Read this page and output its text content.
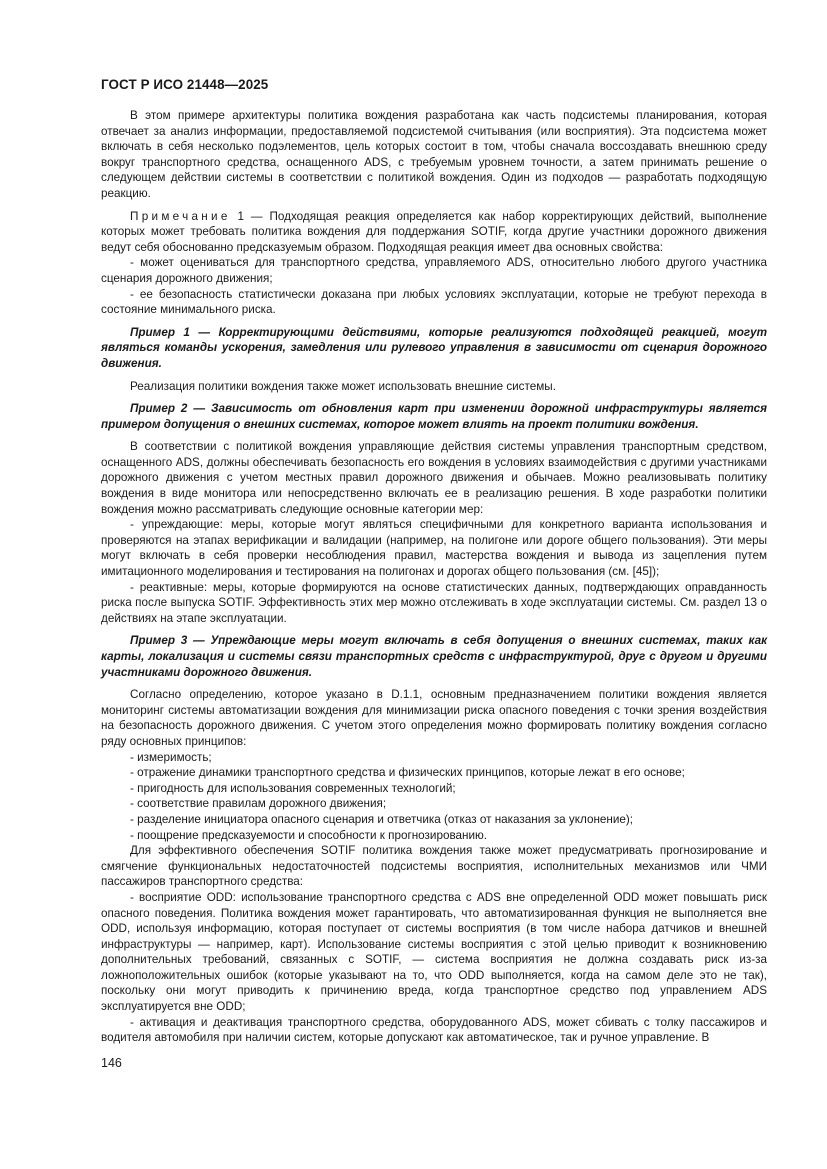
ГОСТ Р ИСО 21448—2025

В этом примере архитектуры политика вождения разработана как часть подсистемы планирования, которая отвечает за анализ информации, предоставляемой подсистемой считывания (или восприятия). Эта подсистема может включать в себя несколько подэлементов, цель которых состоит в том, чтобы сначала воссоздавать внешнюю среду вокруг транспортного средства, оснащенного ADS, с требуемым уровнем точности, а затем принимать решение о следующем действии системы в соответствии с политикой вождения. Один из подходов — разработать подходящую реакцию.

Примечание 1 — Подходящая реакция определяется как набор корректирующих действий, выполнение которых может требовать политика вождения для поддержания SOTIF, когда другие участники дорожного движения ведут себя обоснованно предсказуемым образом. Подходящая реакция имеет два основных свойства:

- может оцениваться для транспортного средства, управляемого ADS, относительно любого другого участника сценария дорожного движения;

- ее безопасность статистически доказана при любых условиях эксплуатации, которые не требуют перехода в состояние минимального риска.

Пример 1 — Корректирующими действиями, которые реализуются подходящей реакцией, могут являться команды ускорения, замедления или рулевого управления в зависимости от сценария дорожного движения.

Реализация политики вождения также может использовать внешние системы.

Пример 2 — Зависимость от обновления карт при изменении дорожной инфраструктуры является примером допущения о внешних системах, которое может влиять на проект политики вождения.

В соответствии с политикой вождения управляющие действия системы управления транспортным средством, оснащенного ADS, должны обеспечивать безопасность его вождения в условиях взаимодействия с другими участниками дорожного движения с учетом местных правил дорожного движения и обычаев. Можно реализовывать политику вождения в виде монитора или непосредственно включать ее в реализацию решения. В ходе разработки политики вождения можно рассматривать следующие основные категории мер:

- упреждающие: меры, которые могут являться специфичными для конкретного варианта использования и проверяются на этапах верификации и валидации (например, на полигоне или дороге общего пользования). Эти меры могут включать в себя проверки несоблюдения правил, мастерства вождения и вывода из зацепления путем имитационного моделирования и тестирования на полигонах и дорогах общего пользования (см. [45]);

- реактивные: меры, которые формируются на основе статистических данных, подтверждающих оправданность риска после выпуска SOTIF. Эффективность этих мер можно отслеживать в ходе эксплуатации системы. См. раздел 13 о действиях на этапе эксплуатации.

Пример 3 — Упреждающие меры могут включать в себя допущения о внешних системах, таких как карты, локализация и системы связи транспортных средств с инфраструктурой, друг с другом и другими участниками дорожного движения.

Согласно определению, которое указано в D.1.1, основным предназначением политики вождения является мониторинг системы автоматизации вождения для минимизации риска опасного поведения с точки зрения воздействия на безопасность дорожного движения. С учетом этого определения можно формировать политику вождения согласно ряду основных принципов:

- измеримость;

- отражение динамики транспортного средства и физических принципов, которые лежат в его основе;

- пригодность для использования современных технологий;

- соответствие правилам дорожного движения;

- разделение инициатора опасного сценария и ответчика (отказ от наказания за уклонение);

- поощрение предсказуемости и способности к прогнозированию.

Для эффективного обеспечения SOTIF политика вождения также может предусматривать прогнозирование и смягчение функциональных недостаточностей подсистемы восприятия, исполнительных механизмов или ЧМИ пассажиров транспортного средства:

- восприятие ODD: использование транспортного средства с ADS вне определенной ODD может повышать риск опасного поведения. Политика вождения может гарантировать, что автоматизированная функция не выполняется вне ODD, используя информацию, которая поступает от системы восприятия (в том числе набора датчиков и внешней инфраструктуры — например, карт). Использование системы восприятия с этой целью приводит к возникновению дополнительных требований, связанных с SOTIF, — система восприятия не должна создавать риск из-за ложноположительных ошибок (которые указывают на то, что ODD выполняется, когда на самом деле это не так), поскольку они могут приводить к причинению вреда, когда транспортное средство под управлением ADS эксплуатируется вне ODD;

- активация и деактивация транспортного средства, оборудованного ADS, может сбивать с толку пассажиров и водителя автомобиля при наличии систем, которые допускают как автоматическое, так и ручное управление. В

146
